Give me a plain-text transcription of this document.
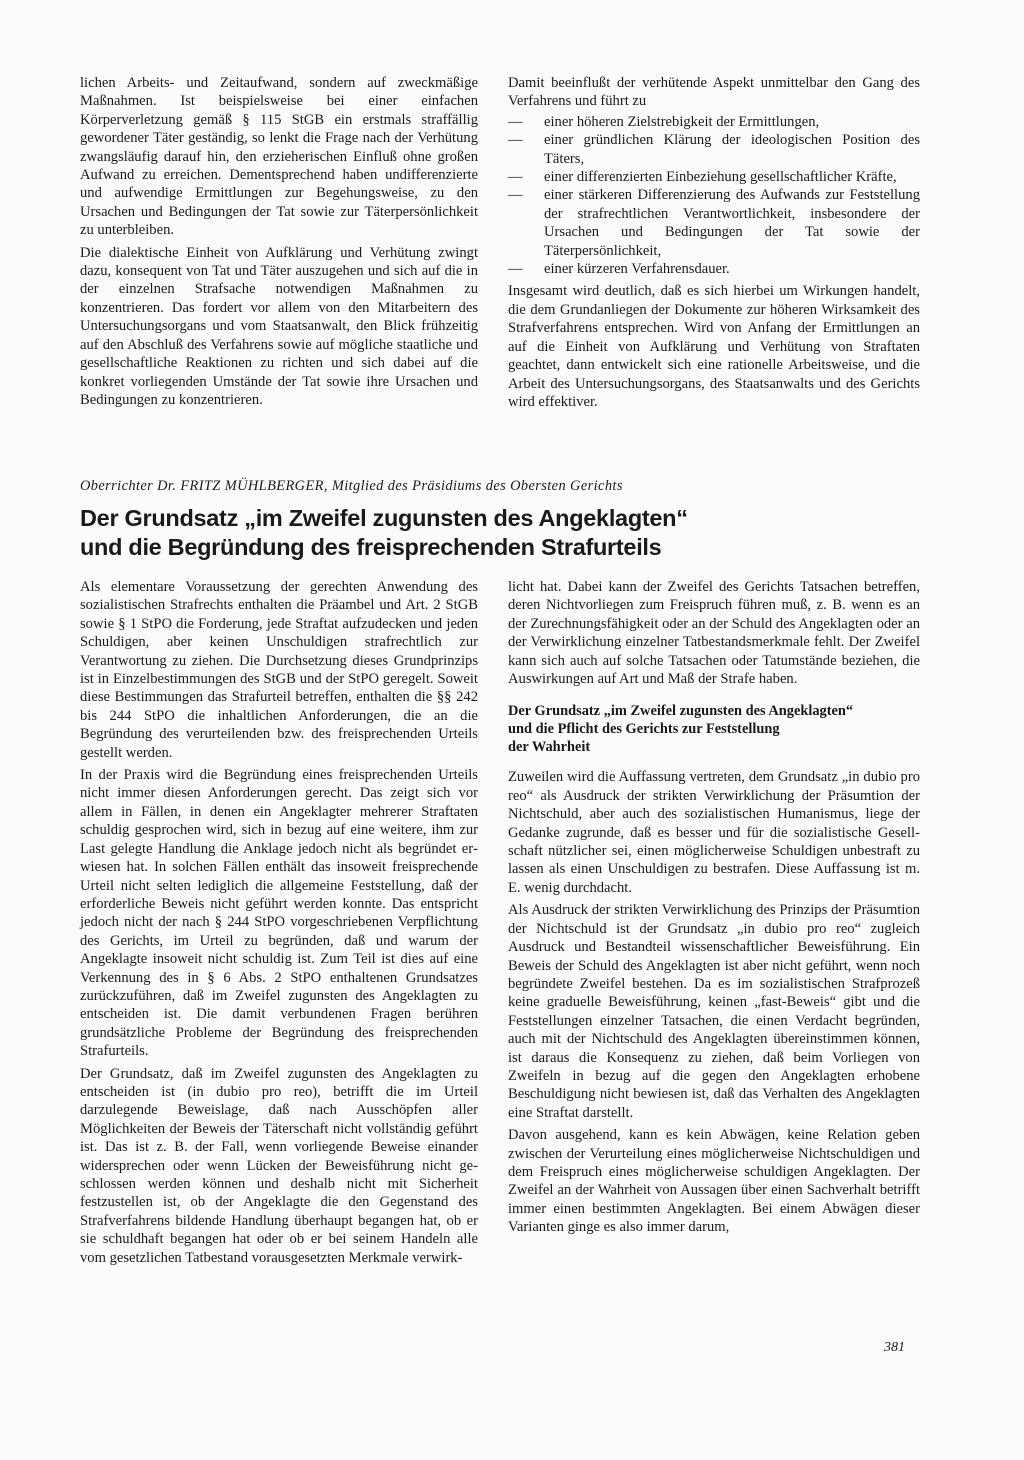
lichen Arbeits- und Zeitaufwand, sondern auf zweckmäßige Maßnahmen. Ist beispielsweise bei einer einfachen Körperverletzung gemäß § 115 StGB ein erstmals straffällig gewordener Täter geständig, so lenkt die Frage nach der Verhütung zwangsläufig darauf hin, den erzieherischen Einfluß ohne großen Aufwand zu erreichen. Dementsprechend haben undifferenzierte und aufwendige Ermittlungen zur Begehungsweise, zu den Ursachen und Bedingungen der Tat sowie zur Täterpersönlichkeit zu unterbleiben.

Die dialektische Einheit von Aufklärung und Verhütung zwingt dazu, konsequent von Tat und Täter auszugehen und sich auf die in der einzelnen Strafsache notwendigen Maßnahmen zu konzentrieren. Das fordert vor allem von den Mitarbeitern des Untersuchungsorgans und vom Staatsanwalt, den Blick frühzeitig auf den Abschluß des Verfahrens sowie auf mögliche staatliche und gesellschaftliche Reaktionen zu richten und sich dabei auf die konkret vorliegenden Umstände der Tat sowie ihre Ursachen und Bedingungen zu konzentrieren.

Damit beeinflußt der verhütende Aspekt unmittelbar den Gang des Verfahrens und führt zu

— einer höheren Zielstrebigkeit der Ermittlungen,
— einer gründlichen Klärung der ideologischen Position des Täters,
— einer differenzierten Einbeziehung gesellschaftlicher Kräfte,
— einer stärkeren Differenzierung des Aufwands zur Feststellung der strafrechtlichen Verantwortlichkeit, insbesondere der Ursachen und Bedingungen der Tat sowie der Täterpersönlichkeit,
— einer kürzeren Verfahrensdauer.

Insgesamt wird deutlich, daß es sich hierbei um Wirkungen handelt, die dem Grundanliegen der Dokumente zur höheren Wirksamkeit des Strafverfahrens entsprechen. Wird von Anfang der Ermittlungen an auf die Einheit von Aufklärung und Verhütung von Straftaten geachtet, dann entwickelt sich eine rationelle Arbeitsweise, und die Arbeit des Untersuchungsorgans, des Staatsanwalts und des Gerichts wird effektiver.

Oberrichter Dr. FRITZ MÜHLBERGER, Mitglied des Präsidiums des Obersten Gerichts
Der Grundsatz „im Zweifel zugunsten des Angeklagten“
und die Begründung des freisprechenden Strafurteils

Als elementare Voraussetzung der gerechten Anwendung des sozialistischen Strafrechts enthalten die Präambel und Art. 2 StGB sowie § 1 StPO die Forderung, jede Straftat aufzudecken und jeden Schuldigen, aber keinen Unschuldigen strafrechtlich zur Verantwortung zu ziehen. Die Durchsetzung dieses Grundprinzips ist in Einzelbestimmungen des StGB und der StPO geregelt. Soweit diese Bestimmungen das Strafurteil betreffen, enthalten die §§ 242 bis 244 StPO die inhaltlichen Anforderungen, die an die Begründung des verurteilenden bzw. des freisprechenden Urteils gestellt werden.

In der Praxis wird die Begründung eines freisprechenden Urteils nicht immer diesen Anforderungen gerecht. Das zeigt sich vor allem in Fällen, in denen ein Angeklagter mehrerer Straftaten schuldig gesprochen wird, sich in bezug auf eine weitere, ihm zur Last gelegte Handlung die Anklage jedoch nicht als begründet erwiesen hat. In solchen Fällen enthält das insoweit freisprechende Urteil nicht selten lediglich die allgemeine Feststellung, daß der erforderliche Beweis nicht geführt werden konnte. Das entspricht jedoch nicht der nach § 244 StPO vorgeschriebenen Verpflichtung des Gerichts, im Urteil zu begründen, daß und warum der Angeklagte insoweit nicht schuldig ist. Zum Teil ist dies auf eine Verkennung des in § 6 Abs. 2 StPO enthaltenen Grundsatzes zurückzuführen, daß im Zweifel zugunsten des Angeklagten zu entscheiden ist. Die damit verbundenen Fragen berühren grundsätzliche Probleme der Begründung des freisprechenden Strafurteils.

Der Grundsatz, daß im Zweifel zugunsten des Angeklagten zu entscheiden ist (in dubio pro reo), betrifft die im Urteil darzulegende Beweislage, daß nach Ausschöpfen aller Möglichkeiten der Beweis der Täterschaft nicht vollständig geführt ist. Das ist z. B. der Fall, wenn vorliegende Beweise einander widersprechen oder wenn Lücken der Beweisführung nicht geschlossen werden können und deshalb nicht mit Sicherheit festzustellen ist, ob der Angeklagte die den Gegenstand des Strafverfahrens bildende Handlung überhaupt begangen hat, ob er sie schuldhaft begangen hat oder ob er bei seinem Handeln alle vom gesetzlichen Tatbestand vorausgesetzten Merkmale verwirk-

licht hat. Dabei kann der Zweifel des Gerichts Tatsachen betreffen, deren Nichtvorliegen zum Freispruch führen muß, z. B. wenn es an der Zurechnungsfähigkeit oder an der Schuld des Angeklagten oder an der Verwirklichung einzelner Tatbestandsmerkmale fehlt. Der Zweifel kann sich auch auf solche Tatsachen oder Tatumstände beziehen, die Auswirkungen auf Art und Maß der Strafe haben.

Der Grundsatz „im Zweifel zugunsten des Angeklagten“
und die Pflicht des Gerichts zur Feststellung
der Wahrheit

Zuweilen wird die Auffassung vertreten, dem Grundsatz „in dubio pro reo“ als Ausdruck der strikten Verwirklichung der Präsumtion der Nichtschuld, aber auch des sozialistischen Humanismus, liege der Gedanke zugrunde, daß es besser und für die sozialistische Gesellschaft nützlicher sei, einen möglicherweise Schuldigen unbestraft zu lassen als einen Unschuldigen zu bestrafen. Diese Auffassung ist m. E. wenig durchdacht.

Als Ausdruck der strikten Verwirklichung des Prinzips der Präsumtion der Nichtschuld ist der Grundsatz „in dubio pro reo“ zugleich Ausdruck und Bestandteil wissenschaftlicher Beweisführung. Ein Beweis der Schuld des Angeklagten ist aber nicht geführt, wenn noch begründete Zweifel bestehen. Da es im sozialistischen Strafprozeß keine graduelle Beweisführung, keinen „fast-Beweis“ gibt und die Feststellungen einzelner Tatsachen, die einen Verdacht begründen, auch mit der Nichtschuld des Angeklagten übereinstimmen können, ist daraus die Konsequenz zu ziehen, daß beim Vorliegen von Zweifeln in bezug auf die gegen den Angeklagten erhobene Beschuldigung nicht bewiesen ist, daß das Verhalten des Angeklagten eine Straftat darstellt.

Davon ausgehend, kann es kein Abwägen, keine Relation geben zwischen der Verurteilung eines möglicherweise Nichtschuldigen und dem Freispruch eines möglicherweise schuldigen Angeklagten. Der Zweifel an der Wahrheit von Aussagen über einen Sachverhalt betrifft immer einen bestimmten Angeklagten. Bei einem Abwägen dieser Varianten ginge es also immer darum,

381
